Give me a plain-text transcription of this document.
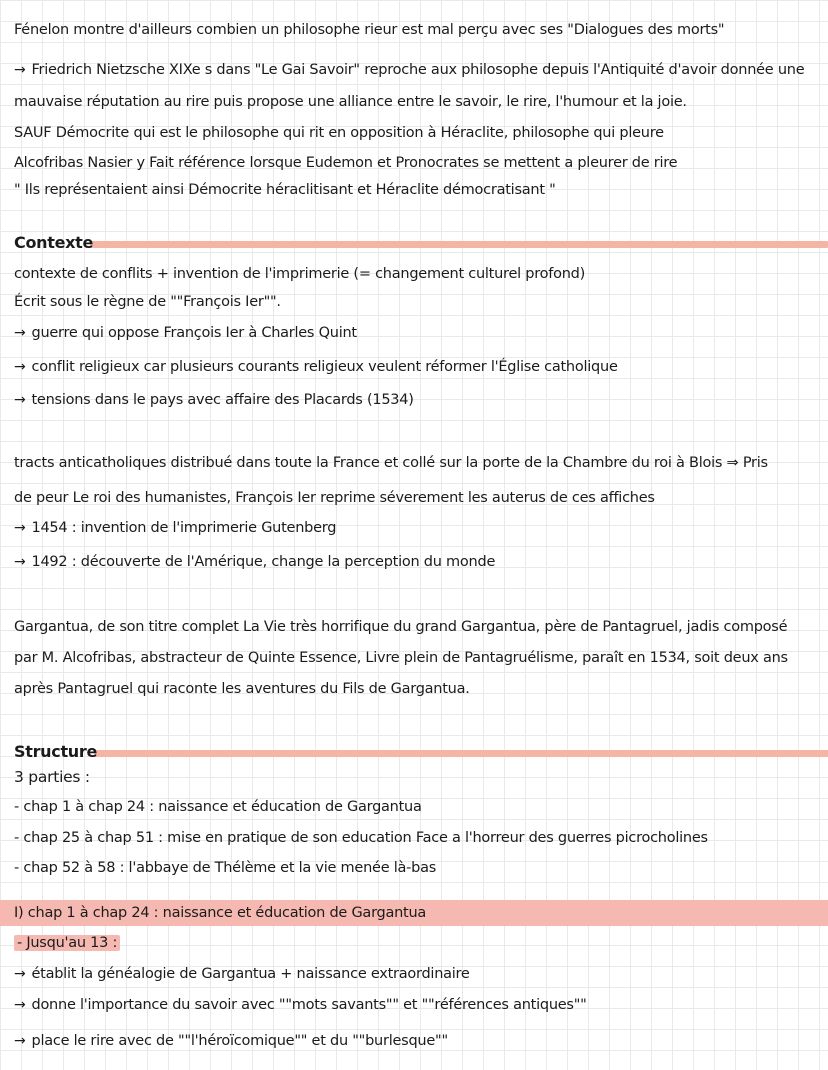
Fénelon montre d'ailleurs combien un philosophe rieur est mal perçu avec ses "Dialogues des morts"
→ Friedrich Nietzsche XIXe s dans "Le Gai Savoir" reproche aux philosophe depuis l'Antiquité d'avoir donnée une
mauvaise réputation au rire puis propose une alliance entre le savoir, le rire, l'humour et la joie.
SAUF Démocrite qui est le philosophe qui rit en opposition à Héraclite, philosophe qui pleure
Alcofribas Nasier y Fait référence lorsque Eudemon et Pronocrates se mettent a pleurer de rire
" Ils représentaient ainsi Démocrite héraclitisant et Héraclite démocratisant "
Contexte
contexte de conflits + invention de l'imprimerie (= changement culturel profond)
Écrit sous le règne de ""François Ier"".
→ guerre qui oppose François Ier à Charles Quint
→ conflit religieux car plusieurs courants religieux veulent réformer l'Église catholique
→ tensions dans le pays avec affaire des Placards (1534)
tracts anticatholiques distribué dans toute la France et collé sur la porte de la Chambre du roi à Blois ⇒ Pris
de peur Le roi des humanistes, François Ier reprime séverement les auterus de ces affiches
→ 1454 : invention de l'imprimerie Gutenberg
→ 1492 : découverte de l'Amérique, change la perception du monde
Gargantua, de son titre complet La Vie très horrifique du grand Gargantua, père de Pantagruel, jadis composé
par M. Alcofribas, abstracteur de Quinte Essence, Livre plein de Pantagruélisme, paraît en 1534, soit deux ans
après Pantagruel qui raconte les aventures du Fils de Gargantua.
Structure
3 parties :
- chap 1 à chap 24 : naissance et éducation de Gargantua
- chap 25 à chap 51 : mise en pratique de son education Face a l'horreur des guerres picrocholines
- chap 52 à 58 : l'abbaye de Thélème et la vie menée là-bas
I) chap 1 à chap 24 : naissance et éducation de Gargantua
- Jusqu'au 13 :
→ établit la généalogie de Gargantua + naissance extraordinaire
→ donne l'importance du savoir avec ""mots savants"" et ""références antiques""
→ place le rire avec de ""l'héroïcomique"" et du ""burlesque""
